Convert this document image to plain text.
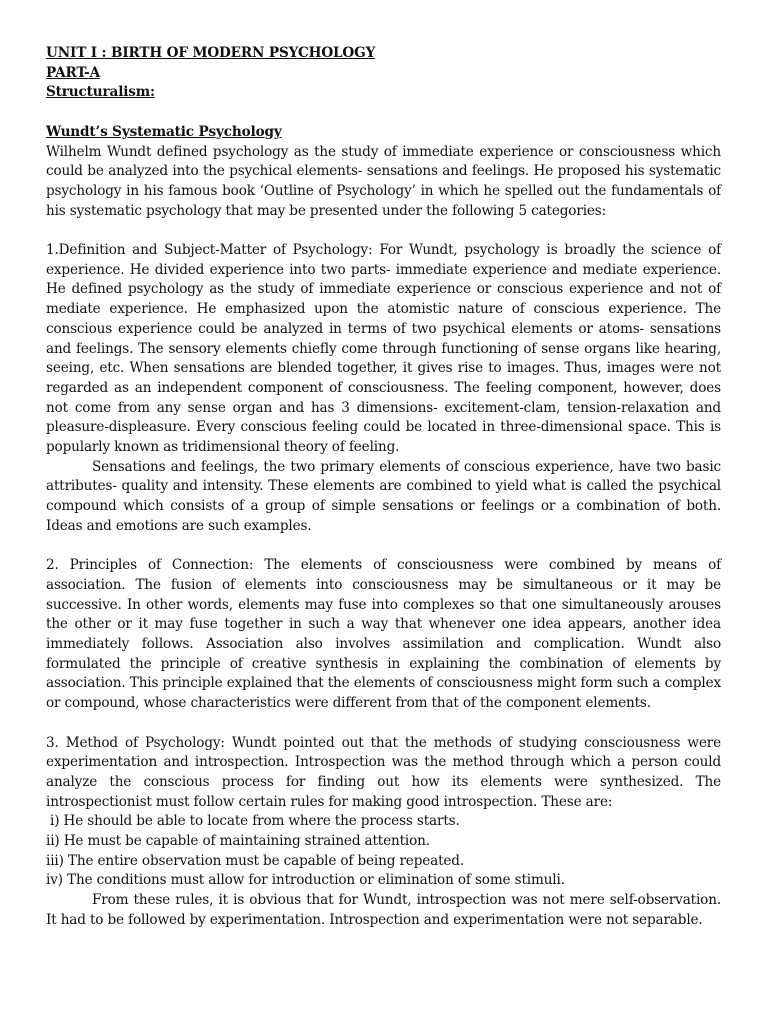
UNIT I : BIRTH OF MODERN PSYCHOLOGY

PART-A

Structuralism:

Wundt’s Systematic Psychology

Wilhelm Wundt defined psychology as the study of immediate experience or consciousness which could be analyzed into the psychical elements- sensations and feelings. He proposed his systematic psychology in his famous book ‘Outline of Psychology’ in which he spelled out the fundamentals of his systematic psychology that may be presented under the following 5 categories:

1.Definition and Subject-Matter of Psychology: For Wundt, psychology is broadly the science of experience. He divided experience into two parts- immediate experience and mediate experience. He defined psychology as the study of immediate experience or conscious experience and not of mediate experience. He emphasized upon the atomistic nature of conscious experience. The conscious experience could be analyzed in terms of two psychical elements or atoms- sensations and feelings. The sensory elements chiefly come through functioning of sense organs like hearing, seeing, etc. When sensations are blended together, it gives rise to images. Thus, images were not regarded as an independent component of consciousness. The feeling component, however, does not come from any sense organ and has 3 dimensions- excitement-clam, tension-relaxation and pleasure-displeasure. Every conscious feeling could be located in three-dimensional space. This is popularly known as tridimensional theory of feeling.

Sensations and feelings, the two primary elements of conscious experience, have two basic attributes- quality and intensity. These elements are combined to yield what is called the psychical compound which consists of a group of simple sensations or feelings or a combination of both. Ideas and emotions are such examples.

2. Principles of Connection: The elements of consciousness were combined by means of association. The fusion of elements into consciousness may be simultaneous or it may be successive. In other words, elements may fuse into complexes so that one simultaneously arouses the other or it may fuse together in such a way that whenever one idea appears, another idea immediately follows. Association also involves assimilation and complication. Wundt also formulated the principle of creative synthesis in explaining the combination of elements by association. This principle explained that the elements of consciousness might form such a complex or compound, whose characteristics were different from that of the component elements.

3. Method of Psychology: Wundt pointed out that the methods of studying consciousness were experimentation and introspection. Introspection was the method through which a person could analyze the conscious process for finding out how its elements were synthesized. The introspectionist must follow certain rules for making good introspection. These are:

i) He should be able to locate from where the process starts.

ii) He must be capable of maintaining strained attention.

iii) The entire observation must be capable of being repeated.

iv) The conditions must allow for introduction or elimination of some stimuli.

From these rules, it is obvious that for Wundt, introspection was not mere self-observation. It had to be followed by experimentation. Introspection and experimentation were not separable.
